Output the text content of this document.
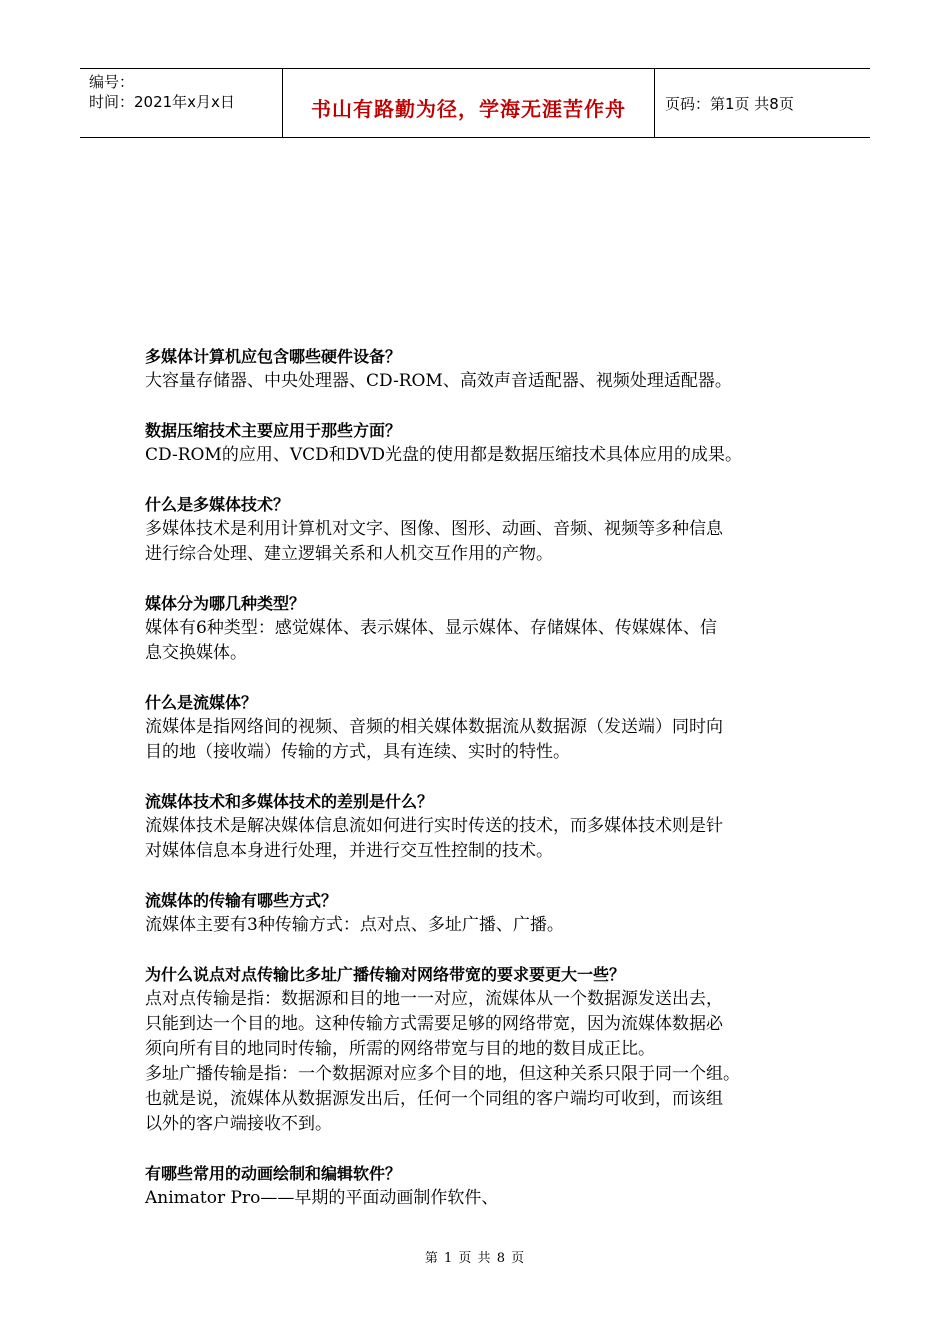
编号：
时间：2021年x月x日	书山有路勤为径，学海无涯苦作舟	页码：第1页 共8页
多媒体计算机应包含哪些硬件设备？
大容量存储器、中央处理器、CD-ROM、高效声音适配器、视频处理适配器。
数据压缩技术主要应用于那些方面？
CD-ROM的应用、VCD和DVD光盘的使用都是数据压缩技术具体应用的成果。
什么是多媒体技术？
多媒体技术是利用计算机对文字、图像、图形、动画、音频、视频等多种信息
进行综合处理、建立逻辑关系和人机交互作用的产物。
媒体分为哪几种类型？
媒体有6种类型：感觉媒体、表示媒体、显示媒体、存储媒体、传媒媒体、信
息交换媒体。
什么是流媒体？
流媒体是指网络间的视频、音频的相关媒体数据流从数据源（发送端）同时向
目的地（接收端）传输的方式，具有连续、实时的特性。
流媒体技术和多媒体技术的差别是什么？
流媒体技术是解决媒体信息流如何进行实时传送的技术，而多媒体技术则是针
对媒体信息本身进行处理，并进行交互性控制的技术。
流媒体的传输有哪些方式？
流媒体主要有3种传输方式：点对点、多址广播、广播。
为什么说点对点传输比多址广播传输对网络带宽的要求要更大一些？
点对点传输是指：数据源和目的地一一对应，流媒体从一个数据源发送出去，
只能到达一个目的地。这种传输方式需要足够的网络带宽，因为流媒体数据必
须向所有目的地同时传输，所需的网络带宽与目的地的数目成正比。
多址广播传输是指：一个数据源对应多个目的地，但这种关系只限于同一个组。
也就是说，流媒体从数据源发出后，任何一个同组的客户端均可收到，而该组
以外的客户端接收不到。
有哪些常用的动画绘制和编辑软件？
Animator Pro——早期的平面动画制作软件、
第 1 页 共 8 页
